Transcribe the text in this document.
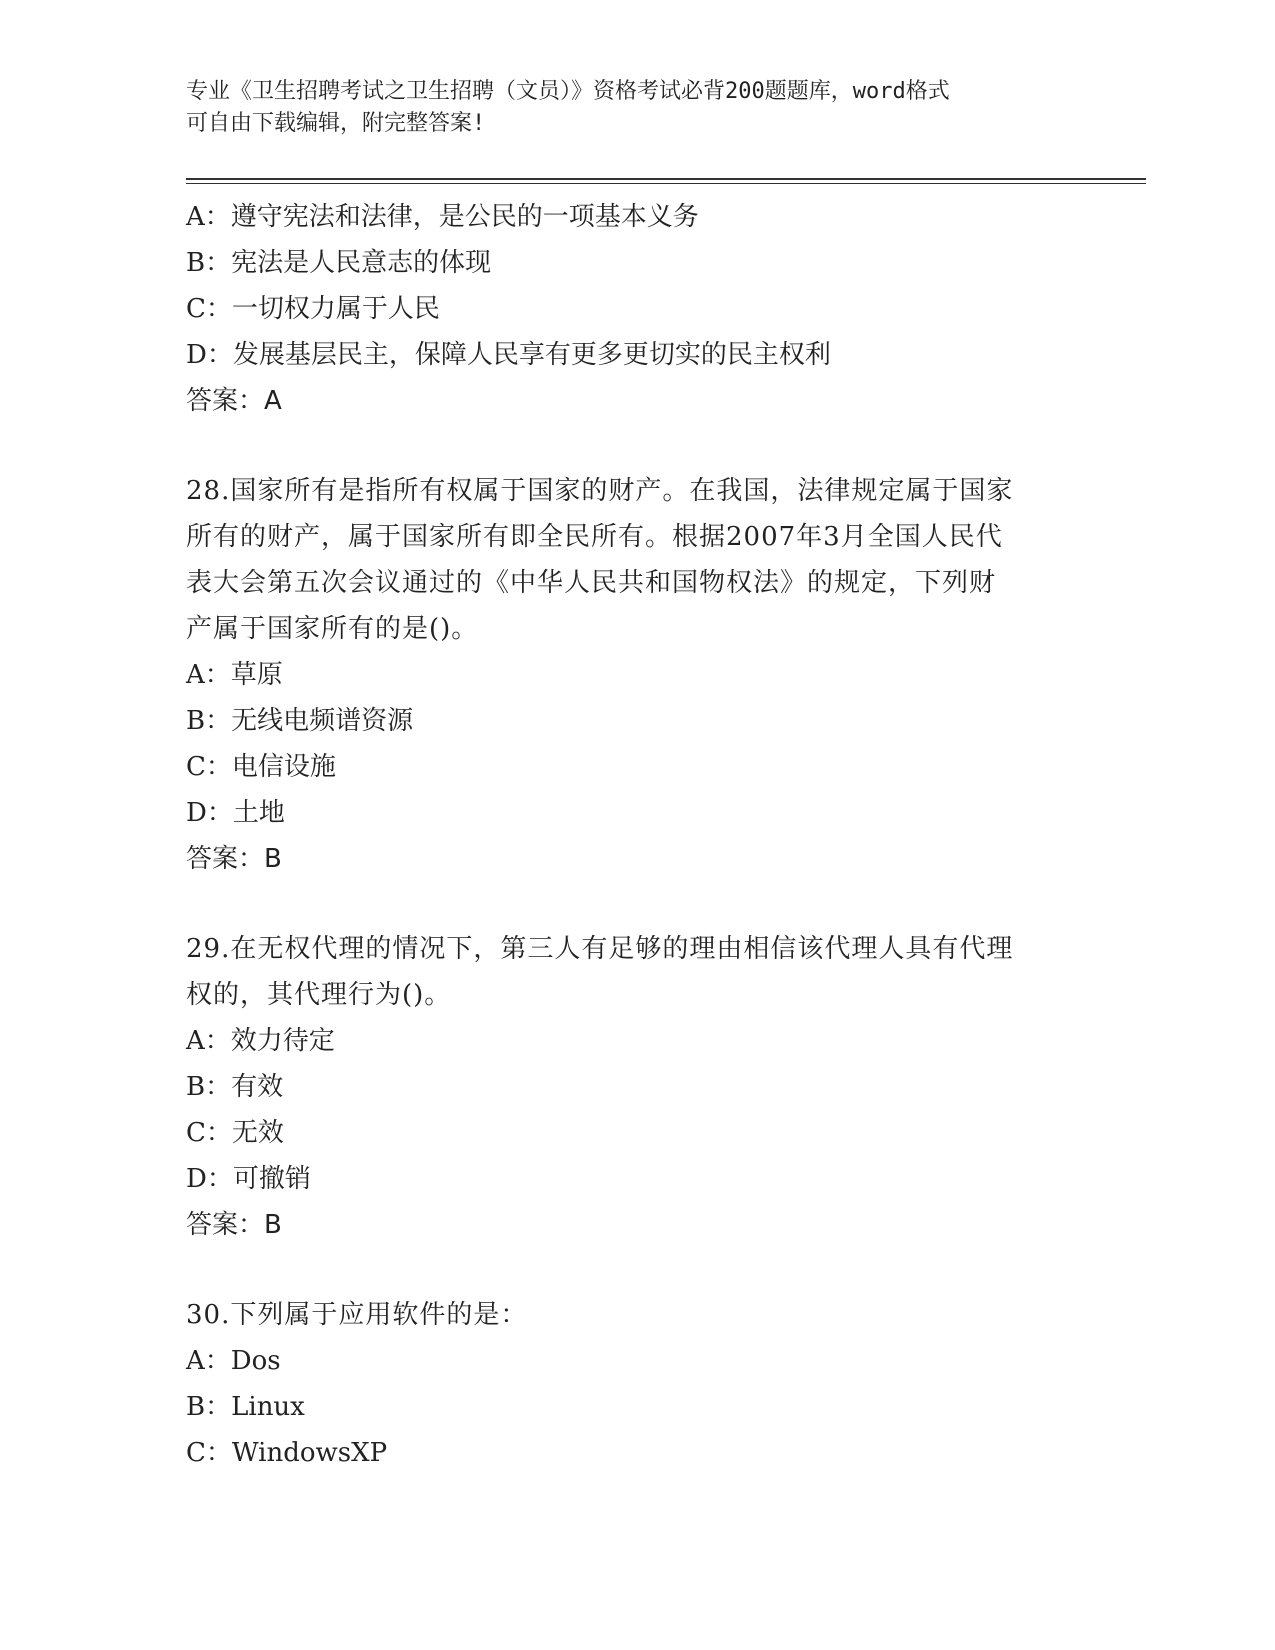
专业《卫生招聘考试之卫生招聘（文员）》资格考试必背200题题库，word格式
可自由下载编辑，附完整答案!
A：遵守宪法和法律，是公民的一项基本义务
B：宪法是人民意志的体现
C：一切权力属于人民
D：发展基层民主，保障人民享有更多更切实的民主权利
答案：A
28.国家所有是指所有权属于国家的财产。在我国，法律规定属于国家
所有的财产，属于国家所有即全民所有。根据2007年3月全国人民代
表大会第五次会议通过的《中华人民共和国物权法》的规定，下列财
产属于国家所有的是()。
A：草原
B：无线电频谱资源
C：电信设施
D：土地
答案：B
29.在无权代理的情况下，第三人有足够的理由相信该代理人具有代理
权的，其代理行为()。
A：效力待定
B：有效
C：无效
D：可撤销
答案：B
30.下列属于应用软件的是：
A：Dos
B：Linux
C：WindowsXP
